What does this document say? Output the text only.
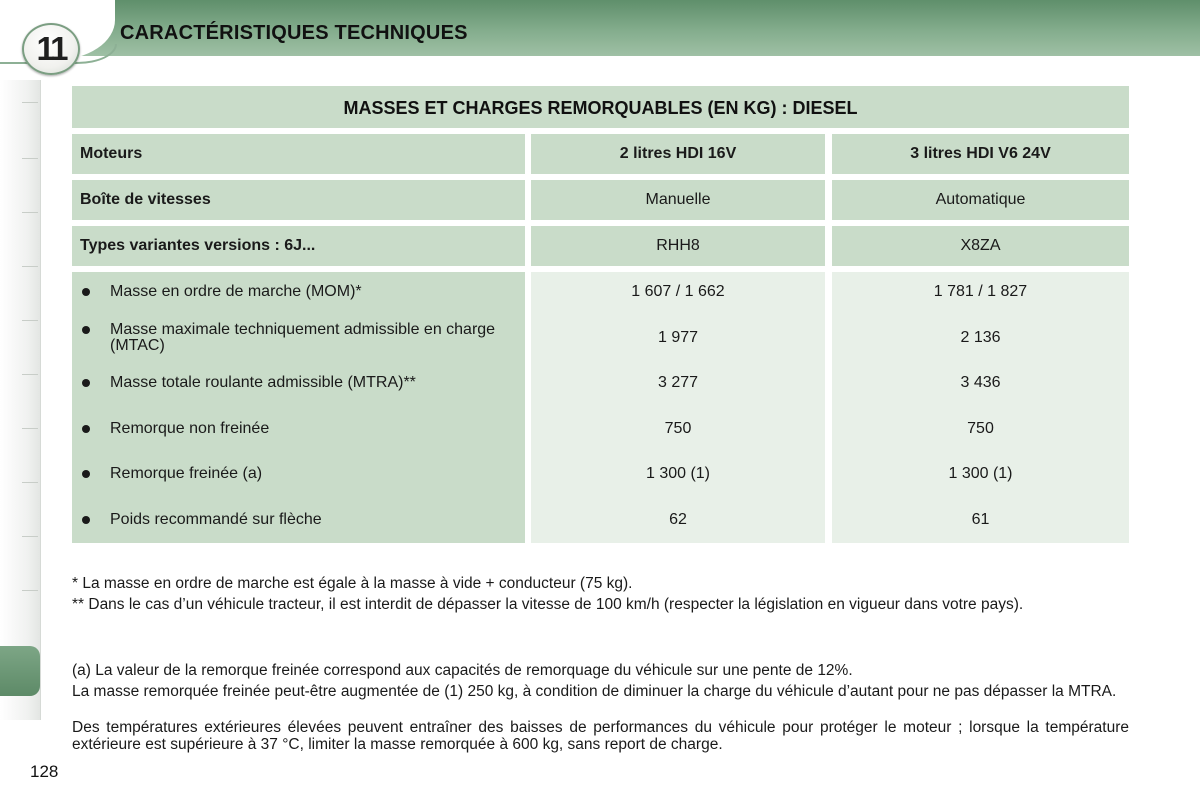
11	CARACTÉRISTIQUES TECHNIQUES
MASSES ET CHARGES REMORQUABLES (EN KG) : DIESEL
Moteurs	2 litres HDI 16V	3 litres HDI V6 24V
Boîte de vitesses	Manuelle	Automatique
Types variantes versions : 6J...	RHH8	X8ZA
Masse en ordre de marche (MOM)*	1 607 / 1 662	1 781 / 1 827
Masse maximale techniquement admissible en charge (MTAC)	1 977	2 136
Masse totale roulante admissible (MTRA)**	3 277	3 436
Remorque non freinée	750	750
Remorque freinée (a)	1 300 (1)	1 300 (1)
Poids recommandé sur flèche	62	61
* La masse en ordre de marche est égale à la masse à vide + conducteur (75 kg).
** Dans le cas d’un véhicule tracteur, il est interdit de dépasser la vitesse de 100 km/h (respecter la législation en vigueur dans votre pays).
(a) La valeur de la remorque freinée correspond aux capacités de remorquage du véhicule sur une pente de 12%.
La masse remorquée freinée peut-être augmentée de (1) 250 kg, à condition de diminuer la charge du véhicule d’autant pour ne pas dépasser la MTRA.
Des températures extérieures élevées peuvent entraîner des baisses de performances du véhicule pour protéger le moteur ; lorsque la température extérieure est supérieure à 37 °C, limiter la masse remorquée à 600 kg, sans report de charge.
128
